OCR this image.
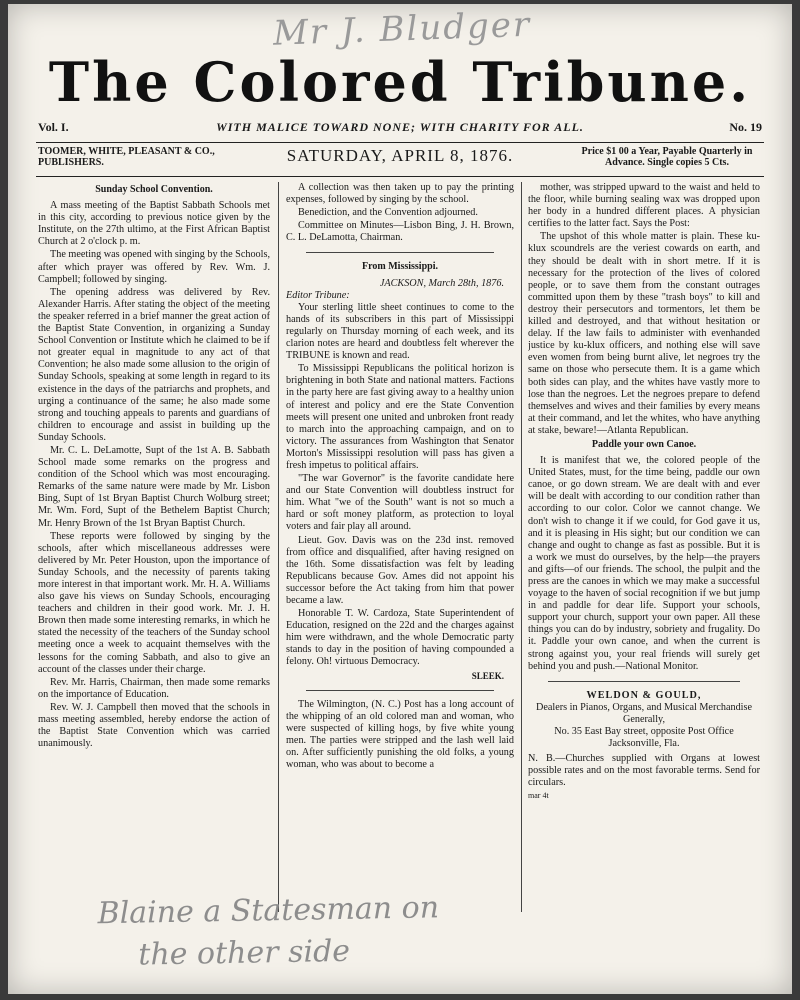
Mr J. Bludger
The Colored Tribune.
Vol. I.	WITH MALICE TOWARD NONE; WITH CHARITY FOR ALL.	No. 19
TOOMER, WHITE, PLEASANT & CO., PUBLISHERS.	SATURDAY, APRIL 8, 1876.	Price $1 00 a Year, Payable Quarterly in Advance. Single copies 5 Cts.
Sunday School Convention.

A mass meeting of the Baptist Sabbath Schools met in this city, according to previous notice given by the Institute, on the 27th ultimo, at the First African Baptist Church at 2 o'clock p. m.

The meeting was opened with singing by the Schools, after which prayer was offered by Rev. Wm. J. Campbell; followed by singing.

The opening address was delivered by Rev. Alexander Harris. After stating the object of the meeting the speaker referred in a brief manner the great action of the Baptist State Convention, in organizing a Sunday School Convention or Institute which he claimed to be if not greater equal in magnitude to any act of that Convention; he also made some allusion to the origin of Sunday Schools, speaking at some length in regard to its existence in the days of the patriarchs and prophets, and urging a continuance of the same; he also made some strong and touching appeals to parents and guardians of children to encourage and assist in building up the Sunday Schools.

Mr. C. L. DeLamotte, Supt of the 1st A. B. Sabbath School made some remarks on the progress and condition of the School which was most encouraging. Remarks of the same nature were made by Mr. Lisbon Bing, Supt of 1st Bryan Baptist Church Wolburg street; Mr. Wm. Ford, Supt of the Bethelem Baptist Church; Mr. Henry Brown of the 1st Bryan Baptist Church.

These reports were followed by singing by the schools, after which miscellaneous addresses were delivered by Mr. Peter Houston, upon the importance of Sunday Schools, and the necessity of parents taking more interest in that important work. Mr. H. A. Williams also gave his views on Sunday Schools, encouraging teachers and children in their good work. Mr. J. H. Brown then made some interesting remarks, in which he stated the necessity of the teachers of the Sunday school meeting once a week to acquaint themselves with the lessons for the coming Sabbath, and also to give an account of the classes under their charge.

Rev. Mr. Harris, Chairman, then made some remarks on the importance of Education.

Rev. W. J. Campbell then moved that the schools in mass meeting assembled, hereby endorse the action of the Baptist State Convention which was carried unanimously.

A collection was then taken up to pay the printing expenses, followed by singing by the school.

Benediction, and the Convention adjourned.

Committee on Minutes—Lisbon Bing, J. H. Brown, C. L. DeLamotta, Chairman.

From Mississippi.
JACKSON, March 28th, 1876.
Editor Tribune:

Your sterling little sheet continues to come to the hands of its subscribers in this part of Mississippi regularly on Thursday morning of each week, and its clarion notes are heard and doubtless felt wherever the TRIBUNE is known and read.

To Mississippi Republicans the political horizon is brightening in both State and national matters. Factions in the party here are fast giving away to a healthy union of interest and policy and ere the State Convention meets will present one united and unbroken front ready to march into the approaching campaign, and on to victory. The assurances from Washington that Senator Morton's Mississippi resolution will pass has given a fresh impetus to political affairs.

"The war Governor" is the favorite candidate here and our State Convention will doubtless instruct for him. What "we of the South" want is not so much a hard or soft money platform, as protection to loyal voters and fair play all around.

Lieut. Gov. Davis was on the 23d inst. removed from office and disqualified, after having resigned on the 16th. Some dissatisfaction was felt by leading Republicans because Gov. Ames did not appoint his successor before the Act taking from him that power became a law.

Honorable T. W. Cardoza, State Superintendent of Education, resigned on the 22d and the charges against him were withdrawn, and the whole Democratic party stands to day in the position of having compounded a felony. Oh! virtuous Democracy.

SLEEK.

The Wilmington, (N. C.) Post has a long account of the whipping of an old colored man and woman, who were suspected of killing hogs, by five white young men. The parties were stripped and the lash well laid on. After sufficiently punishing the old folks, a young woman, who was about to become a

mother, was stripped upward to the waist and held to the floor, while burning sealing wax was dropped upon her body in a hundred different places. A physician certifies to the latter fact. Says the Post:

The upshot of this whole matter is plain. These ku-klux scoundrels are the veriest cowards on earth, and they should be dealt with in short metre. If it is necessary for the protection of the lives of colored people, or to save them from the constant outrages committed upon them by these "trash boys" to kill and destroy their persecutors and tormentors, let them be killed and destroyed, and that without hesitation or delay. If the law fails to administer with evenhanded justice by ku-klux officers, and nothing else will save even women from being burnt alive, let negroes try the same on those who persecute them. It is a game which both sides can play, and the whites have vastly more to lose than the negroes. Let the negroes prepare to defend themselves and wives and their families by every means at their command, and let the whites, who have anything at stake, beware!—Atlanta Republican.

Paddle your own Canoe.

It is manifest that we, the colored people of the United States, must, for the time being, paddle our own canoe, or go down stream. We are dealt with and ever will be dealt with according to our condition rather than according to our color. Color we cannot change. We don't wish to change it if we could, for God gave it us, and it is pleasing in His sight; but our condition we can change and ought to change as fast as possible. But it is a work we must do ourselves, by the help—the prayers and gifts—of our friends. The school, the pulpit and the press are the canoes in which we may make a successful voyage to the haven of social recognition if we but jump in and paddle for dear life. Support your schools, support your church, support your own paper. All these things you can do by industry, sobriety and frugality. Do it. Paddle your own canoe, and when the current is strong against you, your real friends will surely get behind you and push.—National Monitor.

WELDON & GOULD,
Dealers in Pianos, Organs, and Musical Merchandise Generally,
No. 35 East Bay street, opposite Post Office
Jacksonville, Fla.
N. B.—Churches supplied with Organs at lowest possible rates and on the most favorable terms. Send for circulars.
mar 4t
Blaine a Statesman on
the other side
